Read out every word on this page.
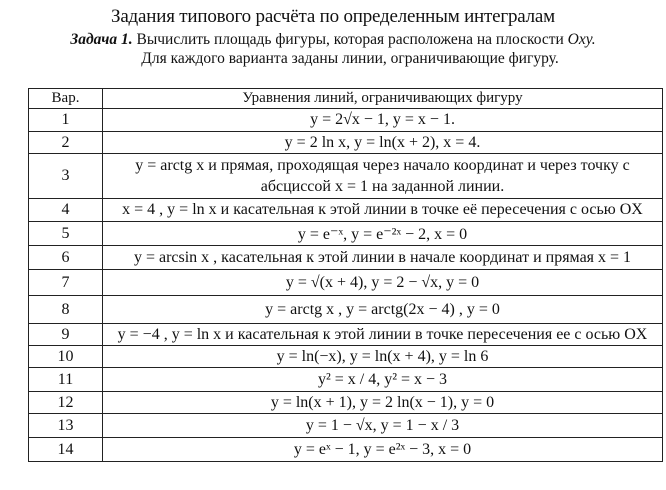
Задания типового расчёта по определенным интегралам
Задача 1. Вычислить площадь фигуры, которая расположена на плоскости Oxy.
Для каждого варианта заданы линии, ограничивающие фигуру.
Вар.	Уравнения линий, ограничивающих фигуру
1	y = 2√x − 1, y = x − 1.
2	y = 2 ln x, y = ln(x + 2), x = 4.
3	y = arctg x и прямая, проходящая через начало координат и через точку с
абсциссой x = 1 на заданной линии.

4	x = 4 , y = ln x и касательная к этой линии в точке её пересечения с осью OX
5	y = e⁻ˣ, y = e⁻²ˣ − 2, x = 0
6	y = arcsin x , касательная к этой линии в начале координат и прямая x = 1
7	y = √(x + 4), y = 2 − √x, y = 0
8	y = arctg x , y = arctg(2x − 4) , y = 0
9	y = −4 , y = ln x и касательная к этой линии в точке пересечения ее с осью OX
10	y = ln(−x), y = ln(x + 4), y = ln 6
11	y² = x / 4, y² = x − 3
12	y = ln(x + 1), y = 2 ln(x − 1), y = 0
13	y = 1 − √x, y = 1 − x / 3
14	y = eˣ − 1, y = e²ˣ − 3, x = 0
